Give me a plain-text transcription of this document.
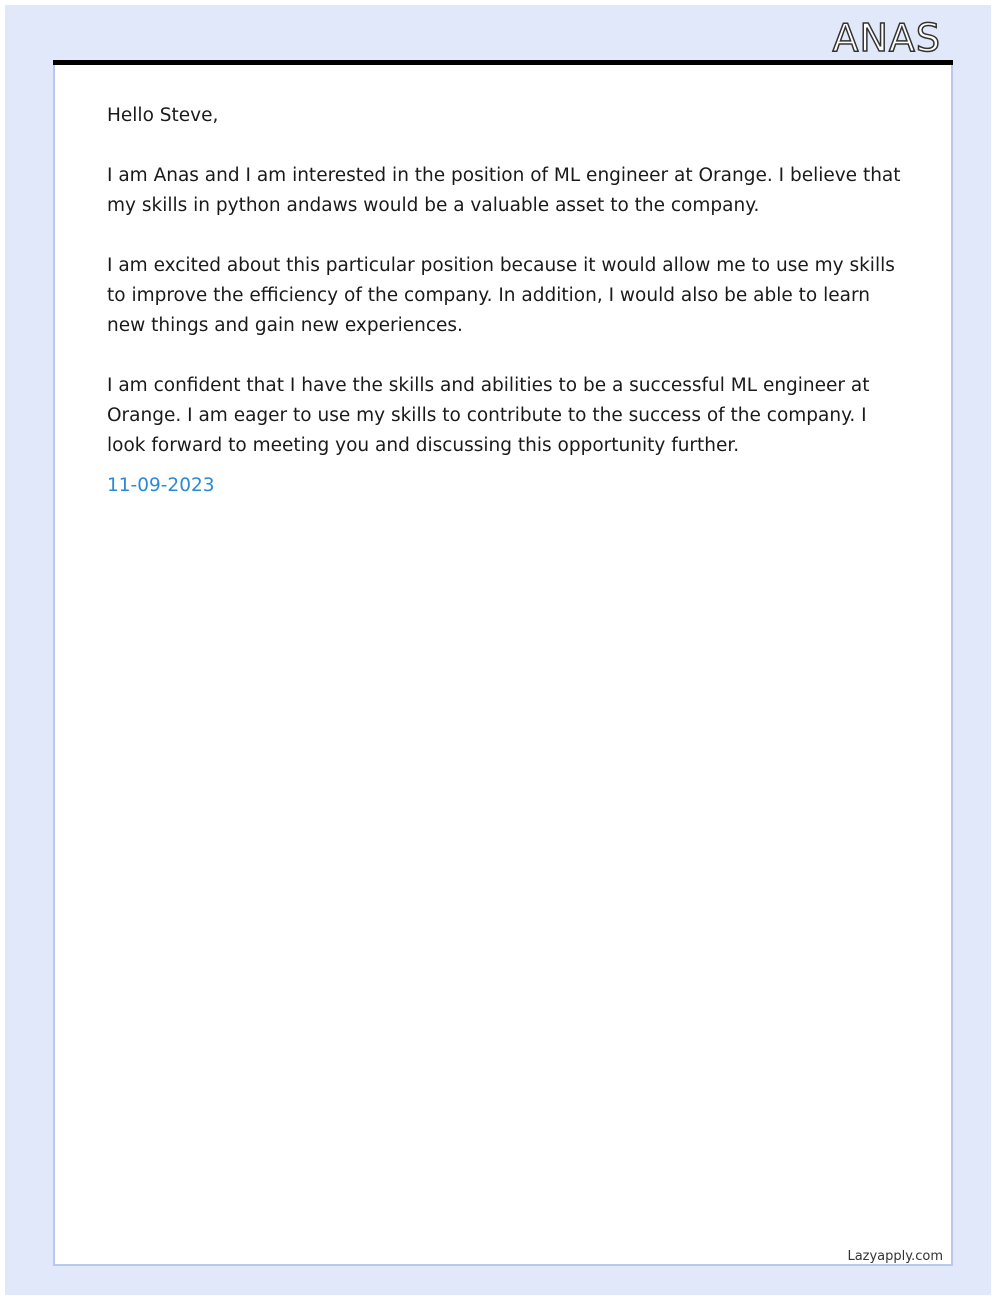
ANAS

Hello Steve,

I am Anas and I am interested in the position of ML engineer at Orange. I believe that my skills in python andaws would be a valuable asset to the company.

I am excited about this particular position because it would allow me to use my skills to improve the efficiency of the company. In addition, I would also be able to learn new things and gain new experiences.

I am confident that I have the skills and abilities to be a successful ML engineer at Orange. I am eager to use my skills to contribute to the success of the company. I look forward to meeting you and discussing this opportunity further.

11-09-2023
Lazyapply.com
